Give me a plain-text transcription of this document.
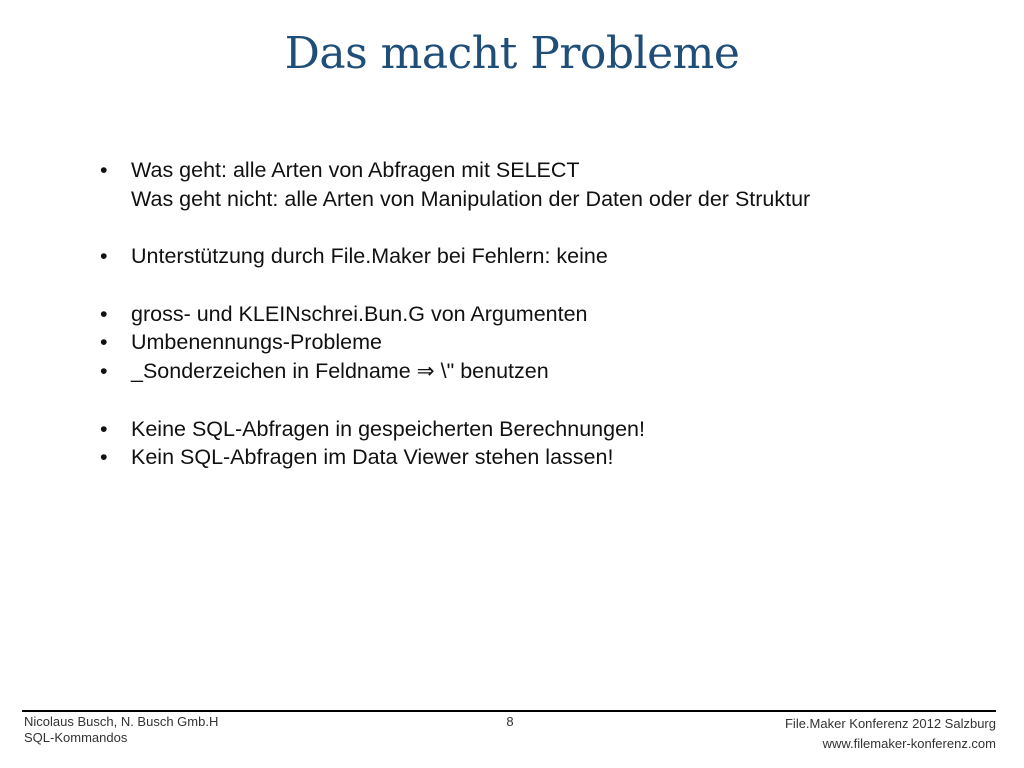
Das macht Probleme
•	Was geht: alle Arten von Abfragen mit SELECT
Was geht nicht: alle Arten von Manipulation der Daten oder der Struktur
•	Unterstützung durch File.Maker bei Fehlern: keine
•	gross- und KLEINschrei.Bun.G von Argumenten
•	Umbenennungs-Probleme
•	_Sonderzeichen in Feldname ⇒ \" benutzen
•	Keine SQL-Abfragen in gespeicherten Berechnungen!
•	Kein SQL-Abfragen im Data Viewer stehen lassen!
Nicolaus Busch, N. Busch Gmb.H
SQL-Kommandos
8	File.Maker Konferenz 2012 Salzburg
www.filemaker-konferenz.com
